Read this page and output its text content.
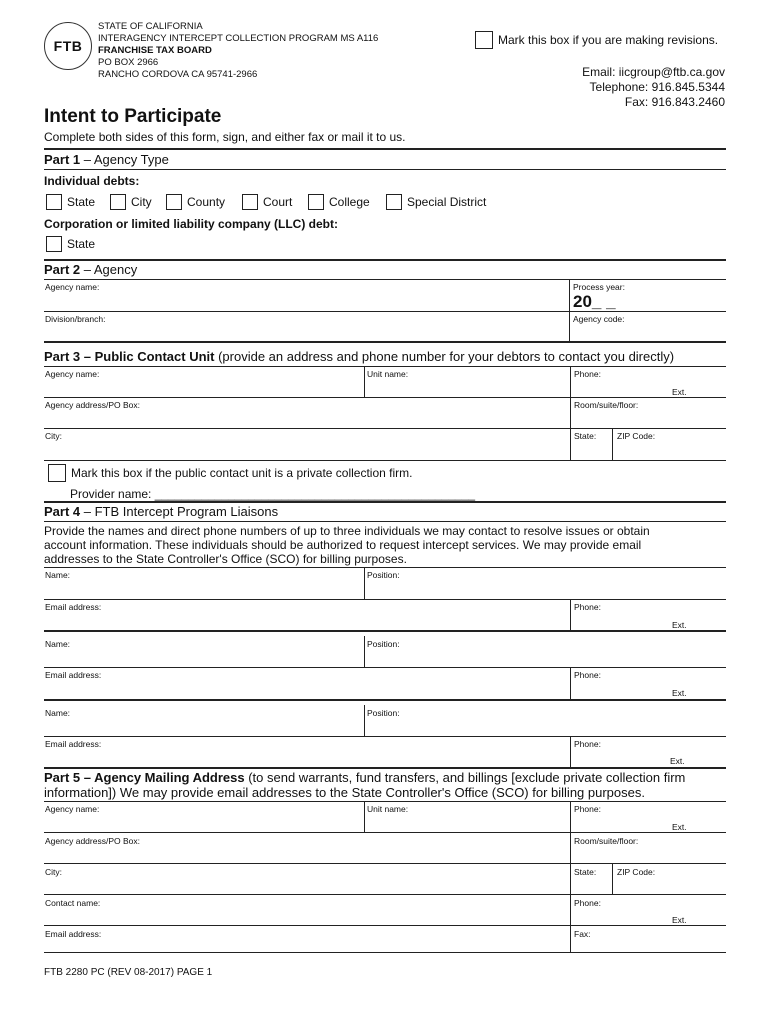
FTB
STATE OF CALIFORNIA
INTERAGENCY INTERCEPT COLLECTION PROGRAM MS A116
FRANCHISE TAX BOARD
PO BOX 2966
RANCHO CORDOVA CA 95741-2966
Mark this box if you are making revisions.
Email: iicgroup@ftb.ca.gov
Telephone: 916.845.5344
Fax: 916.843.2460
Intent to Participate
Complete both sides of this form, sign, and either fax or mail it to us.
Part 1 – Agency Type
Individual debts:
State	City	County	Court	College	Special District
Corporation or limited liability company (LLC) debt:
State
Part 2 – Agency
Agency name:	Process year:
20_ _
Division/branch:	Agency code:
Part 3 – Public Contact Unit (provide an address and phone number for your debtors to contact you directly)
Agency name:	Unit name:	Phone:
Ext.
Agency address/PO Box:	Room/suite/floor:
City:	State: ZIP Code:
Mark this box if the public contact unit is a private collection firm.
Provider name: ________________________________________________
Part 4 – FTB Intercept Program Liaisons
Provide the names and direct phone numbers of up to three individuals we may contact to resolve issues or obtain
account information. These individuals should be authorized to request intercept services. We may provide email
addresses to the State Controller's Office (SCO) for billing purposes.
Name:	Position:
Email address:	Phone:
Ext.
Name:	Position:
Email address:	Phone:
Ext.
Name:	Position:
Email address:	Phone:
Ext.
Part 5 – Agency Mailing Address (to send warrants, fund transfers, and billings [exclude private collection firm
information]) We may provide email addresses to the State Controller's Office (SCO) for billing purposes.
Agency name:	Unit name:	Phone:
Ext.
Agency address/PO Box:	Room/suite/floor:
City:	State: ZIP Code:
Contact name:	Phone:
Ext.
Email address:	Fax:
FTB 2280 PC (REV 08-2017) PAGE 1
